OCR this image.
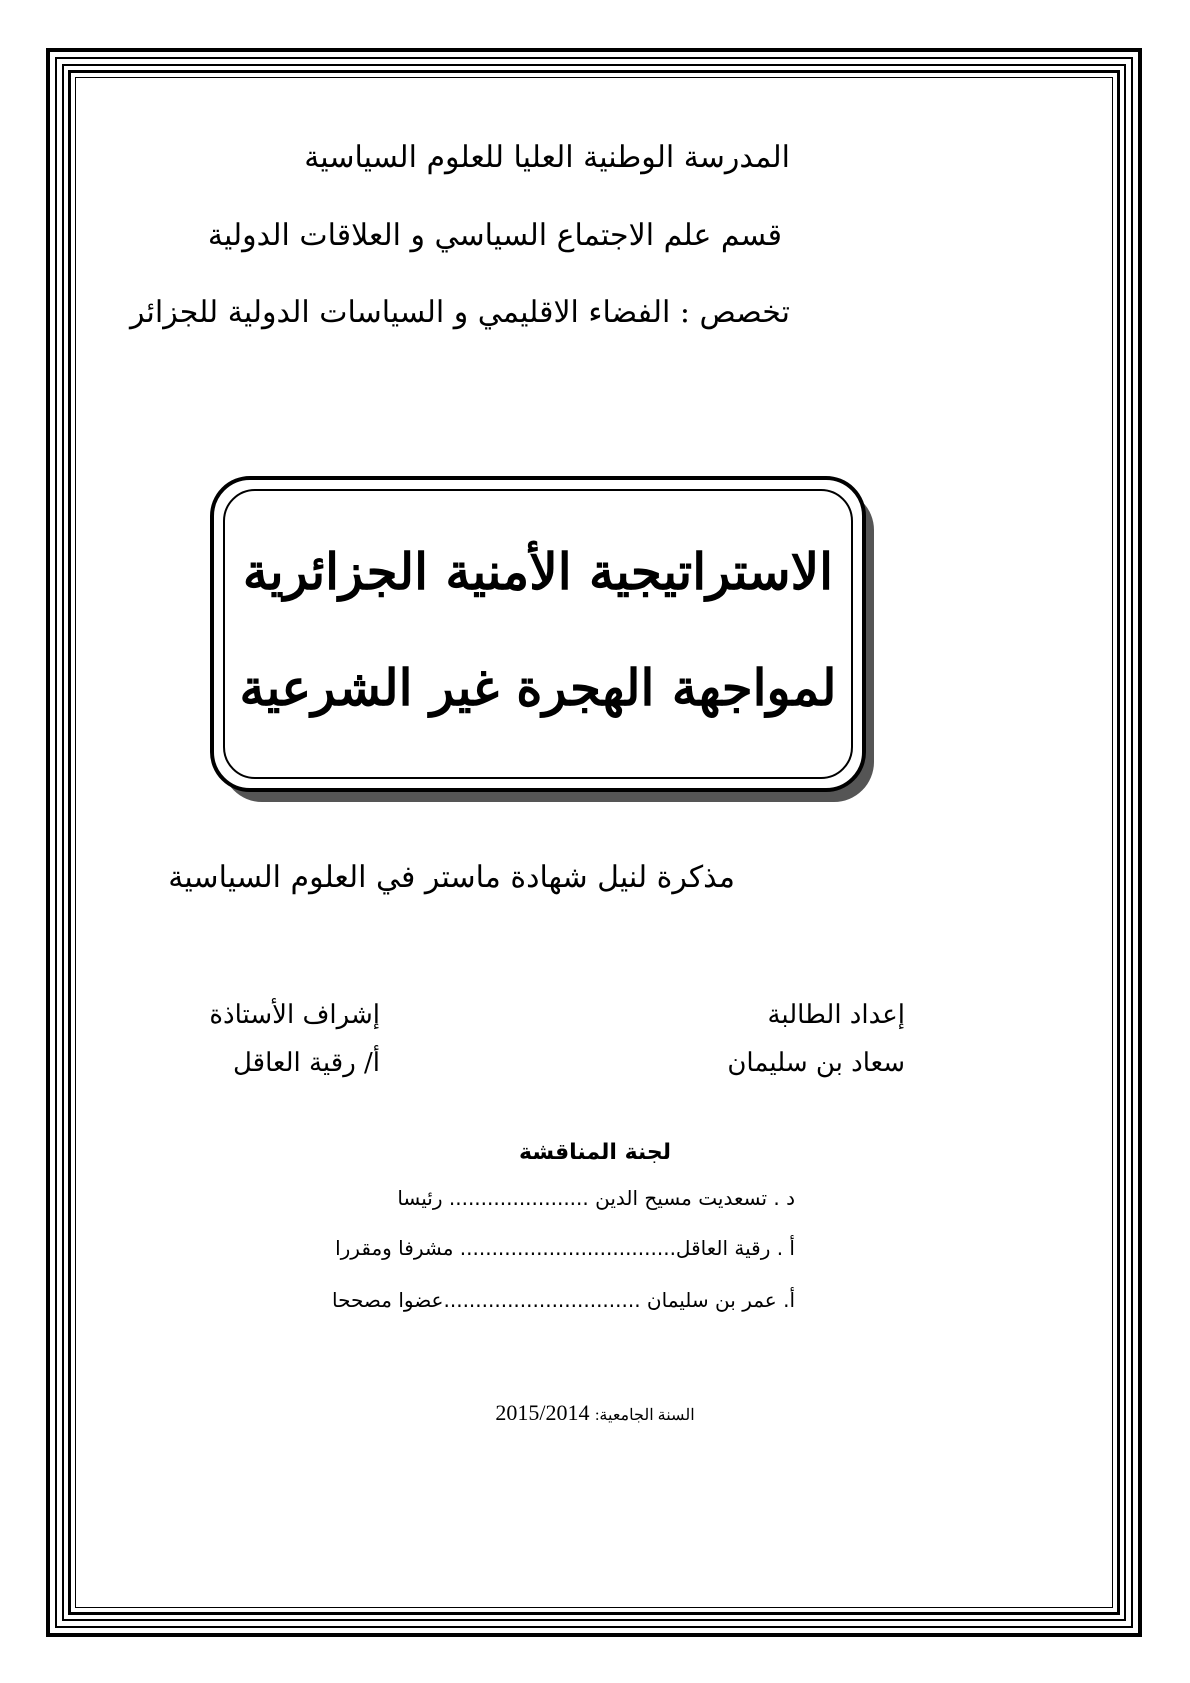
المدرسة الوطنية العليا للعلوم السياسية
قسم علم الاجتماع السياسي و العلاقات الدولية
تخصص : الفضاء الاقليمي و السياسات الدولية للجزائر
الاستراتيجية الأمنية الجزائرية
لمواجهة الهجرة غير الشرعية
مذكرة لنيل شهادة ماستر في العلوم السياسية
إعداد الطالبة
سعاد بن سليمان
إشراف الأستاذة
أ/ رقية العاقل
لجنة المناقشة
د . تسعديت مسيح الدين ...................... رئيسا
أ . رقية العاقل.................................. مشرفا ومقررا
أ. عمر بن سليمان ...............................عضوا مصححا
السنة الجامعية: 2015/2014
